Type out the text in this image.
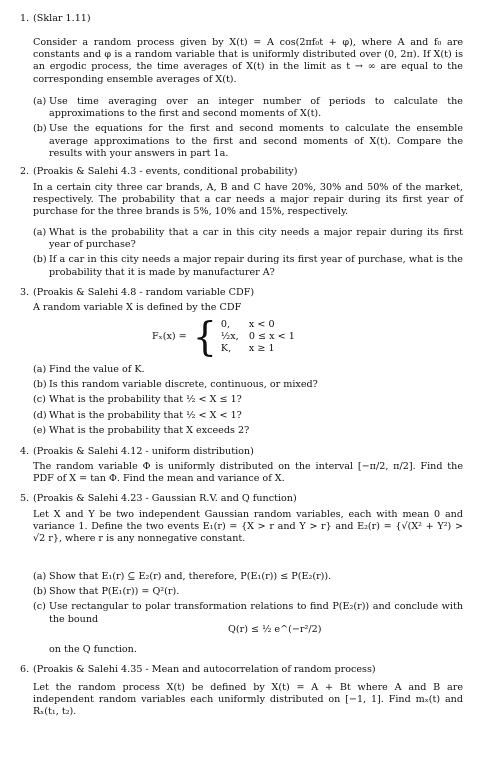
1. (Sklar 1.11)
Consider a random process given by X(t) = A cos(2πf₀t + φ), where A and f₀ are constants and φ is a random variable that is uniformly distributed over (0, 2π). If X(t) is an ergodic process, the time averages of X(t) in the limit as t → ∞ are equal to the corresponding ensemble averages of X(t).
(a) Use time averaging over an integer number of periods to calculate the approximations to the first and second moments of X(t).
(b) Use the equations for the first and second moments to calculate the ensemble average approximations to the first and second moments of X(t). Compare the results with your answers in part 1a.
2. (Proakis & Salehi 4.3 - events, conditional probability)
In a certain city three car brands, A, B and C have 20%, 30% and 50% of the market, respectively. The probability that a car needs a major repair during its first year of purchase for the three brands is 5%, 10% and 15%, respectively.
(a) What is the probability that a car in this city needs a major repair during its first year of purchase?
(b) If a car in this city needs a major repair during its first year of purchase, what is the probability that it is made by manufacturer A?
3. (Proakis & Salehi 4.8 - random variable CDF)
A random variable X is defined by the CDF
Fₓ(x) = { 0,	x < 0
½x,	0 ≤ x < 1
K,	x ≥ 1
(a) Find the value of K.
(b) Is this random variable discrete, continuous, or mixed?
(c) What is the probability that ½ < X ≤ 1?
(d) What is the probability that ½ < X < 1?
(e) What is the probability that X exceeds 2?
4. (Proakis & Salehi 4.12 - uniform distribution)
The random variable Φ is uniformly distributed on the interval [−π/2, π/2]. Find the PDF of X = tan Φ. Find the mean and variance of X.
5. (Proakis & Salehi 4.23 - Gaussian R.V. and Q function)
Let X and Y be two independent Gaussian random variables, each with mean 0 and variance 1. Define the two events E₁(r) = {X > r and Y > r} and E₂(r) = {√(X² + Y²) > √2 r}, where r is any nonnegative constant.
(a) Show that E₁(r) ⊆ E₂(r) and, therefore, P(E₁(r)) ≤ P(E₂(r)).
(b) Show that P(E₁(r)) = Q²(r).
(c) Use rectangular to polar transformation relations to find P(E₂(r)) and conclude with the bound
Q(r) ≤ ½ e^(−r²/2)
on the Q function.
6. (Proakis & Salehi 4.35 - Mean and autocorrelation of random process)
Let the random process X(t) be defined by X(t) = A + Bt where A and B are independent random variables each uniformly distributed on [−1, 1]. Find mₓ(t) and Rₓ(t₁, t₂).
